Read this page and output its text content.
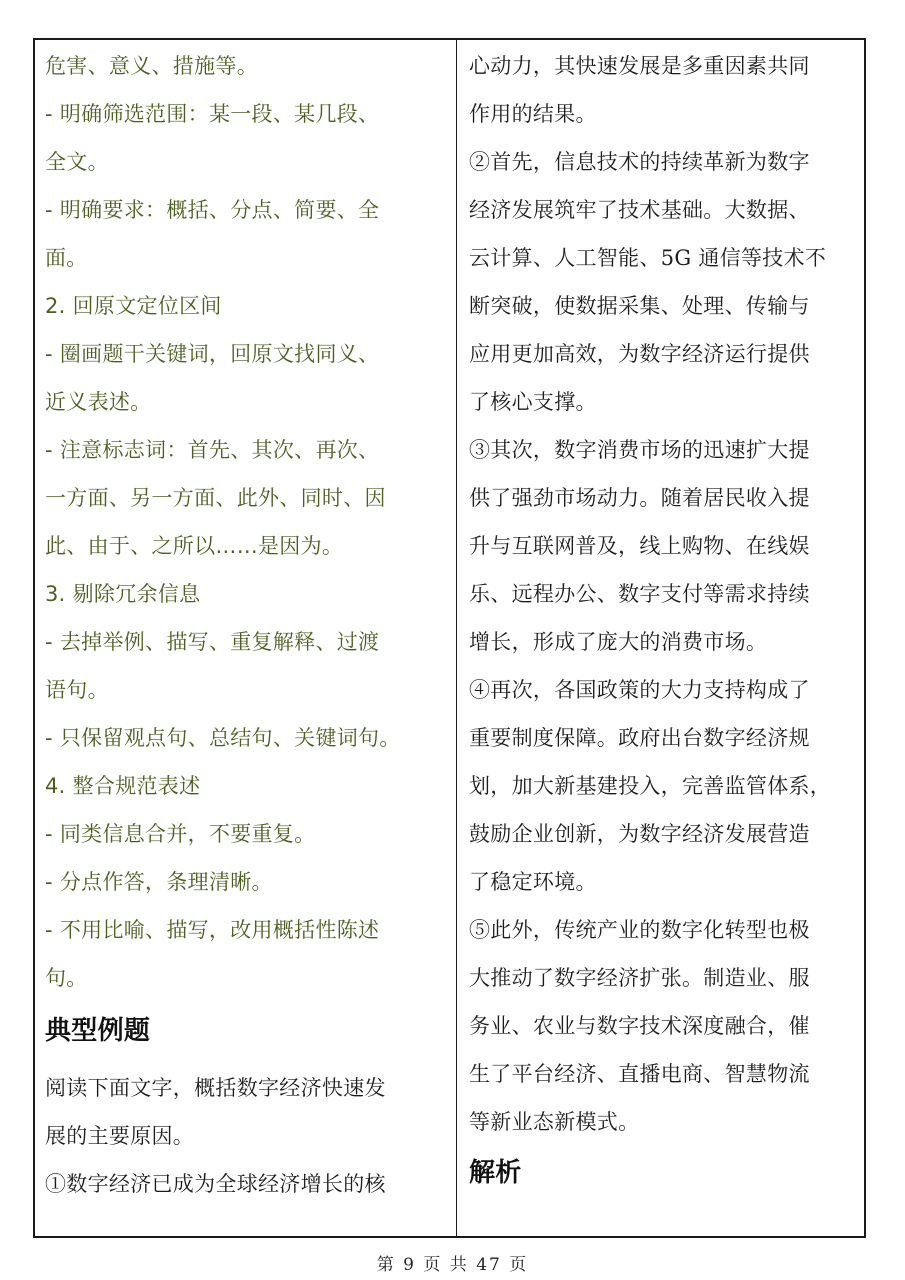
危害、意义、措施等。
- 明确筛选范围：某一段、某几段、
全文。
- 明确要求：概括、分点、简要、全
面。
2. 回原文定位区间
- 圈画题干关键词，回原文找同义、
近义表述。
- 注意标志词：首先、其次、再次、
一方面、另一方面、此外、同时、因
此、由于、之所以……是因为。
3. 剔除冗余信息
- 去掉举例、描写、重复解释、过渡
语句。
- 只保留观点句、总结句、关键词句。
4. 整合规范表述
- 同类信息合并，不要重复。
- 分点作答，条理清晰。
- 不用比喻、描写，改用概括性陈述
句。
典型例题
阅读下面文字，概括数字经济快速发
展的主要原因。
①数字经济已成为全球经济增长的核
心动力，其快速发展是多重因素共同
作用的结果。
②首先，信息技术的持续革新为数字
经济发展筑牢了技术基础。大数据、
云计算、人工智能、5G 通信等技术不
断突破，使数据采集、处理、传输与
应用更加高效，为数字经济运行提供
了核心支撑。
③其次，数字消费市场的迅速扩大提
供了强劲市场动力。随着居民收入提
升与互联网普及，线上购物、在线娱
乐、远程办公、数字支付等需求持续
增长，形成了庞大的消费市场。
④再次，各国政策的大力支持构成了
重要制度保障。政府出台数字经济规
划，加大新基建投入，完善监管体系，
鼓励企业创新，为数字经济发展营造
了稳定环境。
⑤此外，传统产业的数字化转型也极
大推动了数字经济扩张。制造业、服
务业、农业与数字技术深度融合，催
生了平台经济、直播电商、智慧物流
等新业态新模式。
解析
第 9 页 共 47 页
